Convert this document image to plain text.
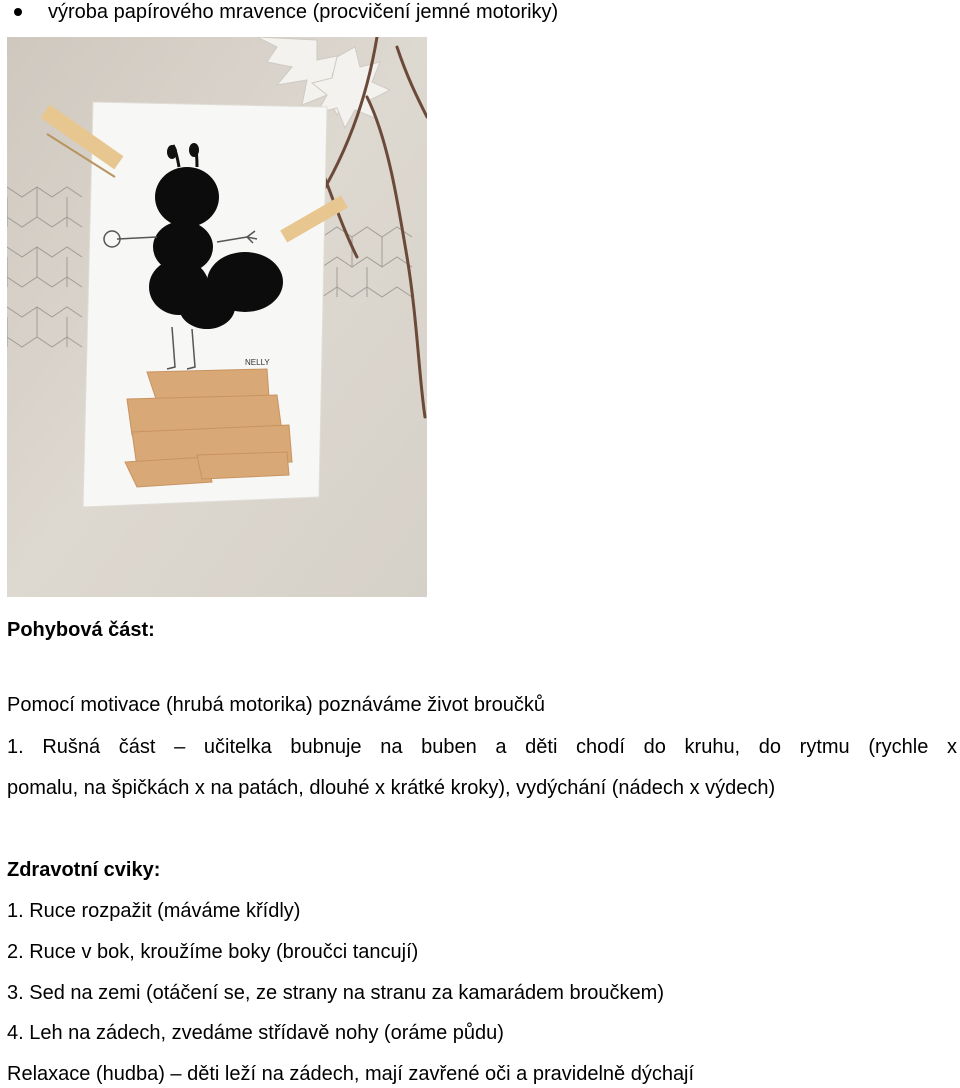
výroba papírového mravence (procvičení jemné motoriky)
NELLY
Pohybová část:
Pomocí motivace (hrubá motorika) poznáváme život broučků
1. Rušná část – učitelka bubnuje na buben a děti chodí do kruhu, do rytmu (rychle x
pomalu, na špičkách x na patách, dlouhé x krátké kroky), vydýchání (nádech x výdech)
Zdravotní cviky:
1. Ruce rozpažit (máváme křídly)
2. Ruce v bok, kroužíme boky (broučci tancují)
3. Sed na zemi (otáčení se, ze strany na stranu za kamarádem broučkem)
4. Leh na zádech, zvedáme střídavě nohy (oráme půdu)
Relaxace (hudba) – děti leží na zádech, mají zavřené oči a pravidelně dýchají
